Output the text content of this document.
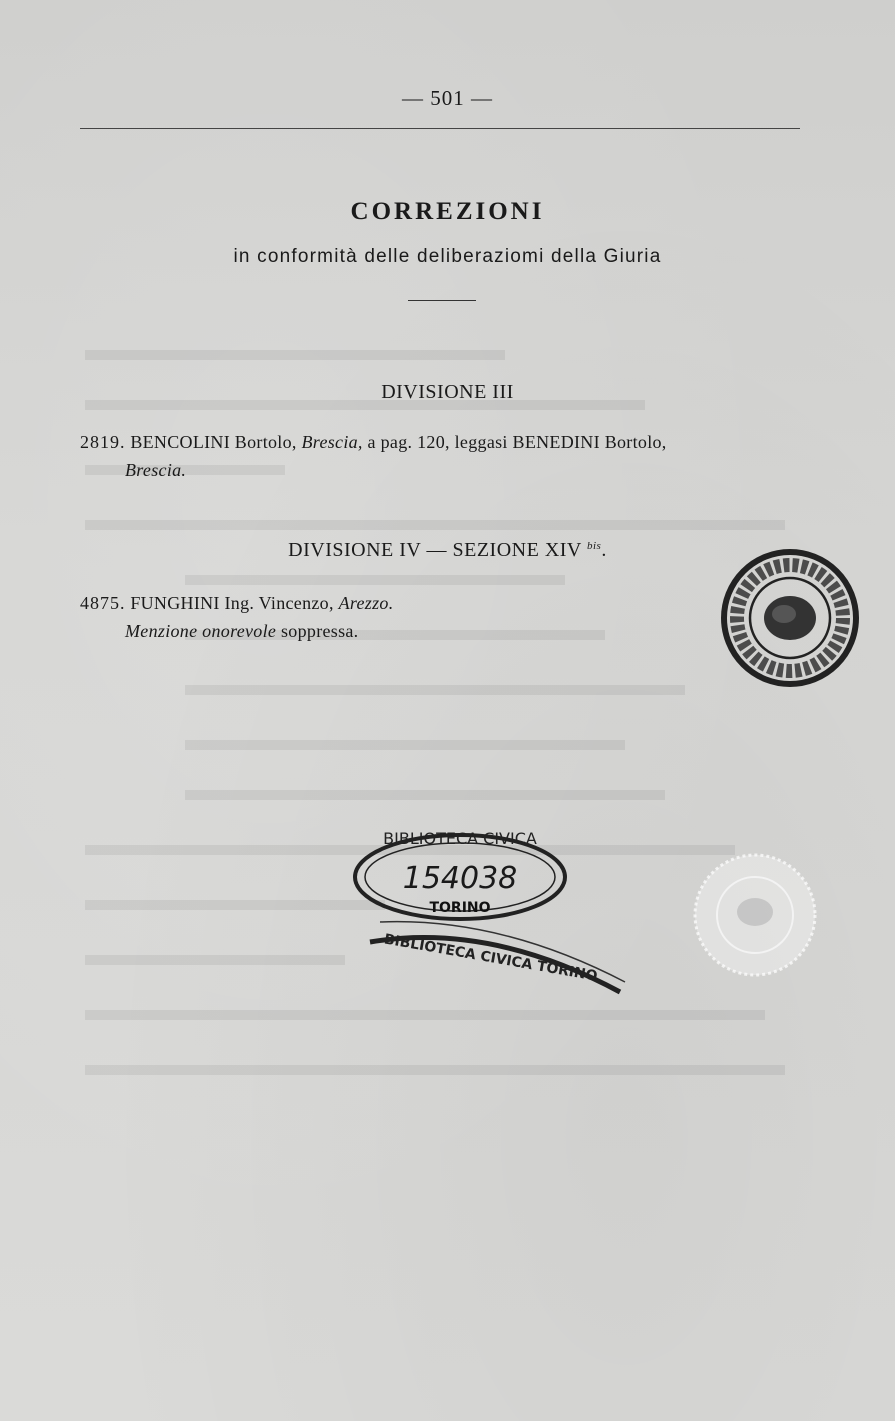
— 501 —
CORREZIONI
in conformità delle deliberaziomi della Giuria
DIVISIONE III
2819. BENCOLINI Bortolo, Brescia, a pag. 120, leggasi BENEDINI Bortolo,
Brescia.
DIVISIONE IV — SEZIONE XIV $^{bis}$.
4875. FUNGHINI Ing. Vincenzo, Arezzo.
Menzione onorevole soppressa.
BIBLIOTECA CIVICA
154038
TORINO
BIBLIOTECA CIVICA TORINO
